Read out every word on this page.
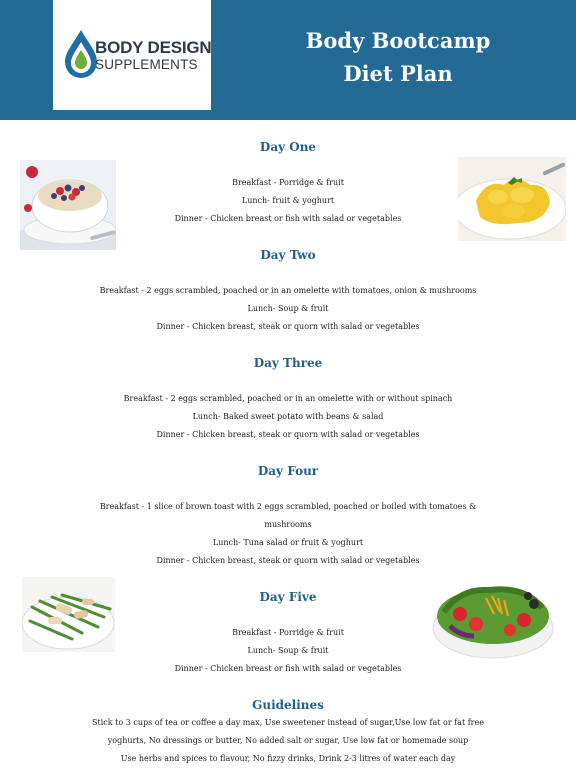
BODY DESIGN
SUPPLEMENTS
Body Bootcamp
Diet Plan
Day One
Breakfast - Porridge & fruit
Lunch- fruit & yoghurt
Dinner - Chicken breast or fish with salad or vegetables
Day Two
Breakfast - 2 eggs scrambled, poached or in an omelette with tomatoes, onion & mushrooms
Lunch- Soup & fruit
Dinner - Chicken breast, steak or quorn with salad or vegetables
Day Three
Breakfast - 2 eggs scrambled, poached or in an omelette with or without spinach
Lunch- Baked sweet potato with beans & salad
Dinner - Chicken breast, steak or quorn with salad or vegetables
Day Four
Breakfast - 1 slice of brown toast with 2 eggs scrambled, poached or boiled with tomatoes &
mushrooms
Lunch- Tuna salad or fruit & yoghurt
Dinner - Chicken breast, steak or quorn with salad or vegetables
Day Five
Breakfast - Porridge & fruit
Lunch- Soup & fruit
Dinner - Chicken breast or fish with salad or vegetables
Guidelines
Stick to 3 cups of tea or coffee a day max, Use sweetener instead of sugar,Use low fat or fat free
yoghurts, No dressings or butter, No added salt or sugar, Use low fat or homemade soup
Use herbs and spices to flavour, No fizzy drinks, Drink 2-3 litres of water each day
